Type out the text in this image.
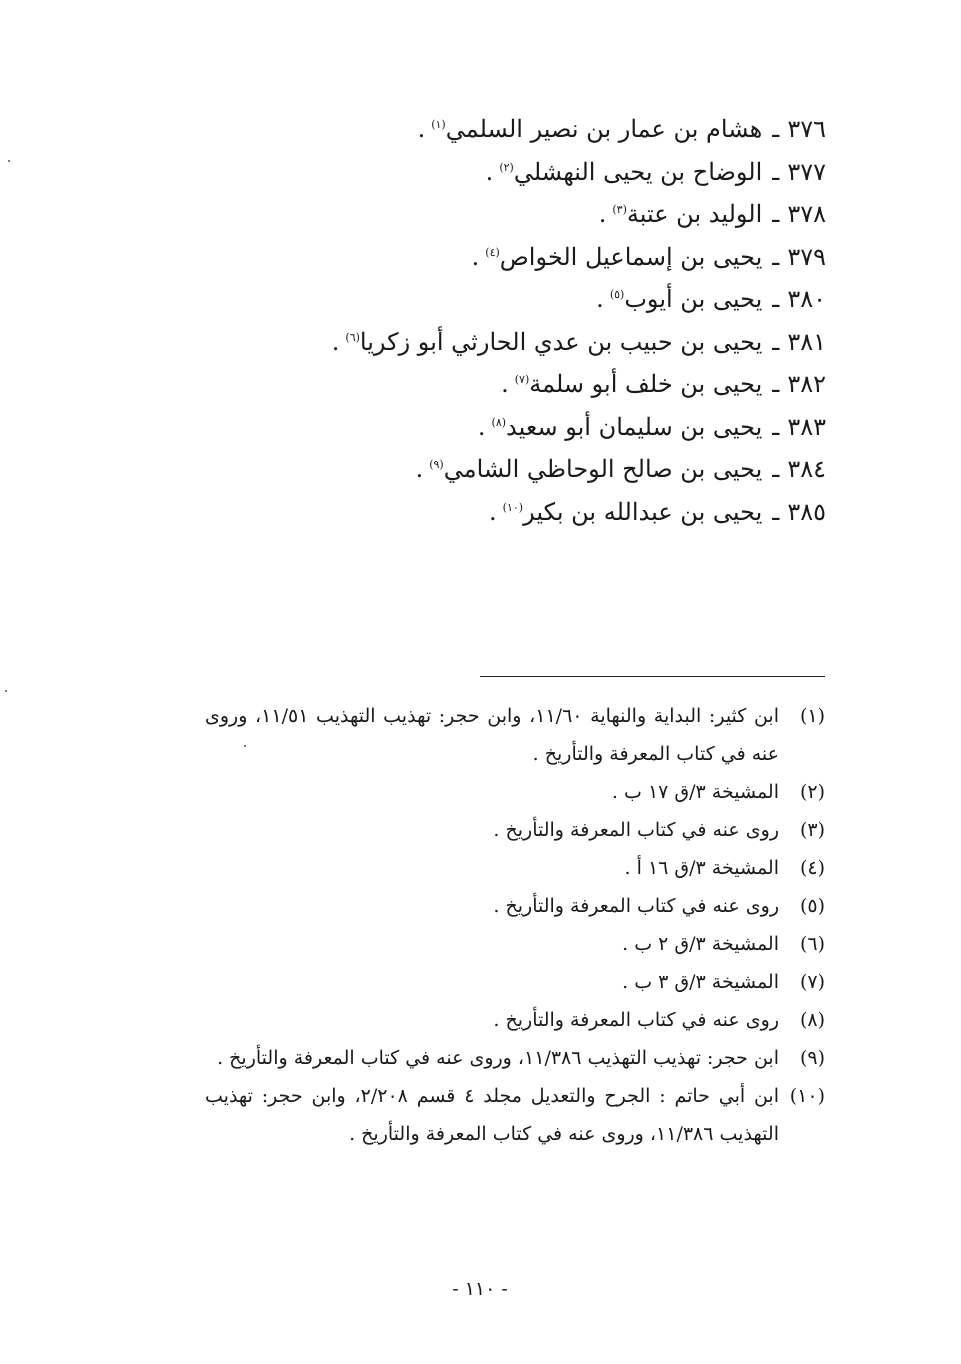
٣٧٦ـهشام بن عمار بن نصير السلمي$^{(١)}$.
٣٧٧ـالوضاح بن يحيى النهشلي$^{(٢)}$.
٣٧٨ـالوليد بن عتبة$^{(٣)}$.
٣٧٩ـيحيى بن إسماعيل الخواص$^{(٤)}$.
٣٨٠ـيحيى بن أيوب$^{(٥)}$.
٣٨١ـيحيى بن حبيب بن عدي الحارثي أبو زكريا$^{(٦)}$.
٣٨٢ـيحيى بن خلف أبو سلمة$^{(٧)}$.
٣٨٣ـيحيى بن سليمان أبو سعيد$^{(٨)}$.
٣٨٤ـيحيى بن صالح الوحاظي الشامي$^{(٩)}$.
٣٨٥ـيحيى بن عبدالله بن بكير$^{(١٠)}$.
(١)
ابن كثير: البداية والنهاية ١١/٦٠، وابن حجر: تهذيب التهذيب ١١/٥١، وروى عنه في كتاب المعرفة والتأريخ .
(٢)
المشيخة ٣/ق ١٧ ب .
(٣)
روى عنه في كتاب المعرفة والتأريخ .
(٤)
المشيخة ٣/ق ١٦ أ .
(٥)
روى عنه في كتاب المعرفة والتأريخ .
(٦)
المشيخة ٣/ق ٢ ب .
(٧)
المشيخة ٣/ق ٣ ب .
(٨)
روى عنه في كتاب المعرفة والتأريخ .
(٩)
ابن حجر: تهذيب التهذيب ١١/٣٨٦، وروى عنه في كتاب المعرفة والتأريخ .
(١٠)
ابن أبي حاتم : الجرح والتعديل مجلد ٤ قسم ٢/٢٠٨، وابن حجر: تهذيب التهذيب ١١/٣٨٦، وروى عنه في كتاب المعرفة والتأريخ .
- ١١٠ -
